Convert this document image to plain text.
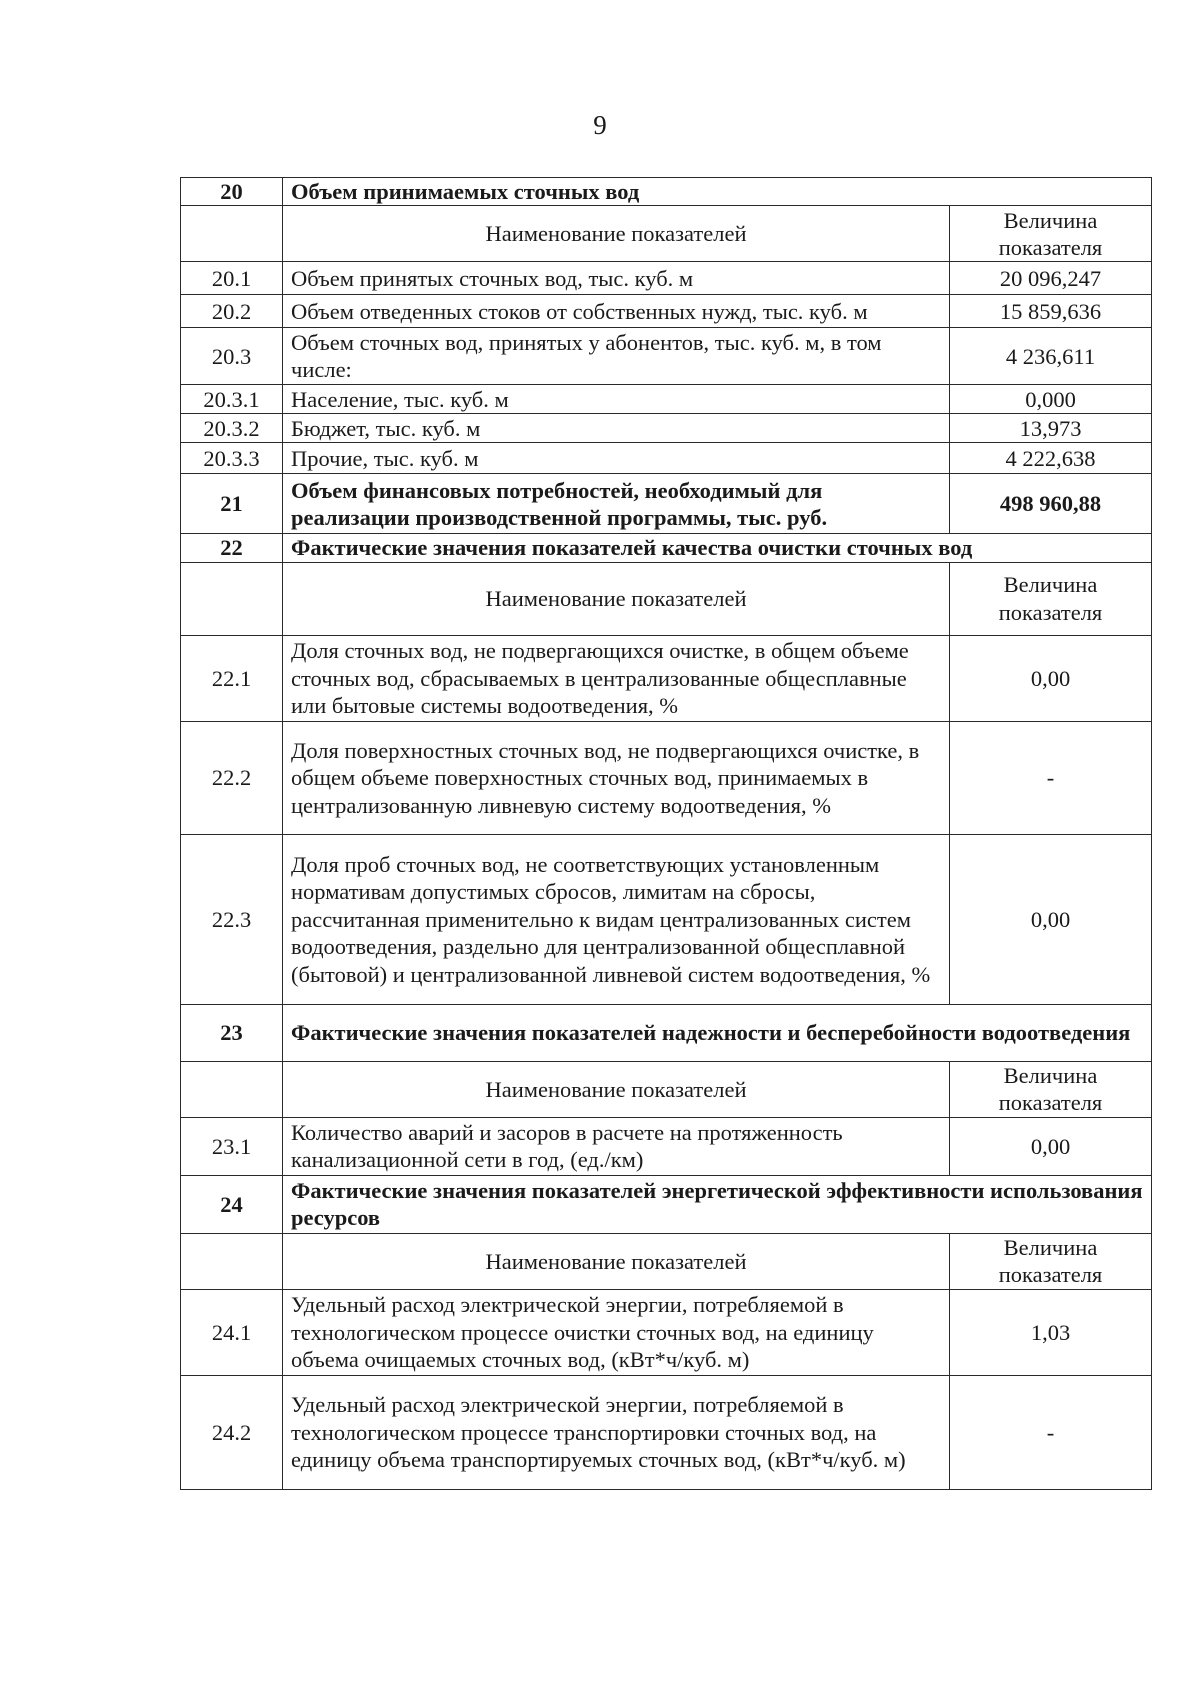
9
20	Объем принимаемых сточных вод	
	Наименование показателей	Величина показателя
20.1	Объем принятых сточных вод, тыс. куб. м	20 096,247
20.2	Объем отведенных стоков от собственных нужд, тыс. куб. м	15 859,636
20.3	Объем сточных вод, принятых у абонентов, тыс. куб. м, в том числе:	4 236,611
20.3.1	Население, тыс. куб. м	0,000
20.3.2	Бюджет, тыс. куб. м	13,973
20.3.3	Прочие, тыс. куб. м	4 222,638
21	Объем финансовых потребностей, необходимый для реализации производственной программы, тыс. руб.	498 960,88
22	Фактические значения показателей качества очистки сточных вод	
	Наименование показателей	Величина показателя
22.1	Доля сточных вод, не подвергающихся очистке, в общем объеме сточных вод, сбрасываемых в централизованные общесплавные или бытовые системы водоотведения, %	0,00
22.2	Доля поверхностных сточных вод, не подвергающихся очистке, в общем объеме поверхностных сточных вод, принимаемых в централизованную ливневую систему водоотведения, %	-
22.3	Доля проб сточных вод, не соответствующих установленным нормативам допустимых сбросов, лимитам на сбросы, рассчитанная применительно к видам централизованных систем водоотведения, раздельно для централизованной общесплавной (бытовой) и централизованной ливневой систем водоотведения, %	0,00
23	Фактические значения показателей надежности и бесперебойности водоотведения	
	Наименование показателей	Величина показателя
23.1	Количество аварий и засоров в расчете на протяженность канализационной сети в год, (ед./км)	0,00
24	Фактические значения показателей энергетической эффективности использования ресурсов	
	Наименование показателей	Величина показателя
24.1	Удельный расход электрической энергии, потребляемой в технологическом процессе очистки сточных вод, на единицу объема очищаемых сточных вод, (кВт*ч/куб. м)	1,03
24.2	Удельный расход электрической энергии, потребляемой в технологическом процессе транспортировки сточных вод, на единицу объема транспортируемых сточных вод, (кВт*ч/куб. м)	-
